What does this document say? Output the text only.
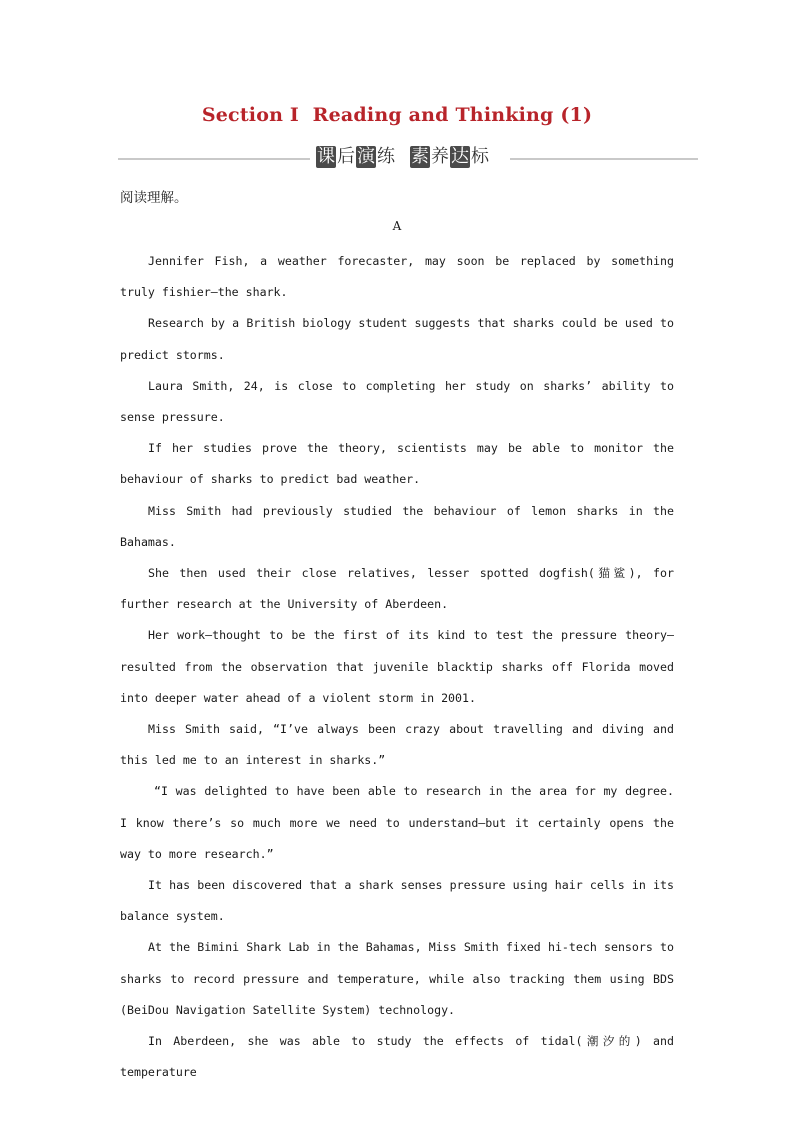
Section Ⅰ  Reading and Thinking (1)
课 后 演 练 素 养 达 标
阅读理解。
A

Jennifer Fish, a weather forecaster, may soon be replaced by something truly fishier—the shark.

Research by a British biology student suggests that sharks could be used to predict storms.

Laura Smith, 24, is close to completing her study on sharks’ ability to sense pressure.

If her studies prove the theory, scientists may be able to monitor the behaviour of sharks to predict bad weather.

Miss Smith had previously studied the behaviour of lemon sharks in the Bahamas.

She then used their close relatives, lesser spotted dogfish(猫鲨), for further research at the University of Aberdeen.

Her work—thought to be the first of its kind to test the pressure theory—resulted from the observation that juvenile blacktip sharks off Florida moved into deeper water ahead of a violent storm in 2001.

Miss Smith said, “I’ve always been crazy about travelling and diving and this led me to an interest in sharks.”

“I was delighted to have been able to research in the area for my degree. I know there’s so much more we need to understand—but it certainly opens the way to more research.”

It has been discovered that a shark senses pressure using hair cells in its balance system.

At the Bimini Shark Lab in the Bahamas, Miss Smith fixed hi-tech sensors to sharks to record pressure and temperature, while also tracking them using BDS (BeiDou Navigation Satellite System) technology.

In Aberdeen, she was able to study the effects of tidal(潮汐的) and temperature
